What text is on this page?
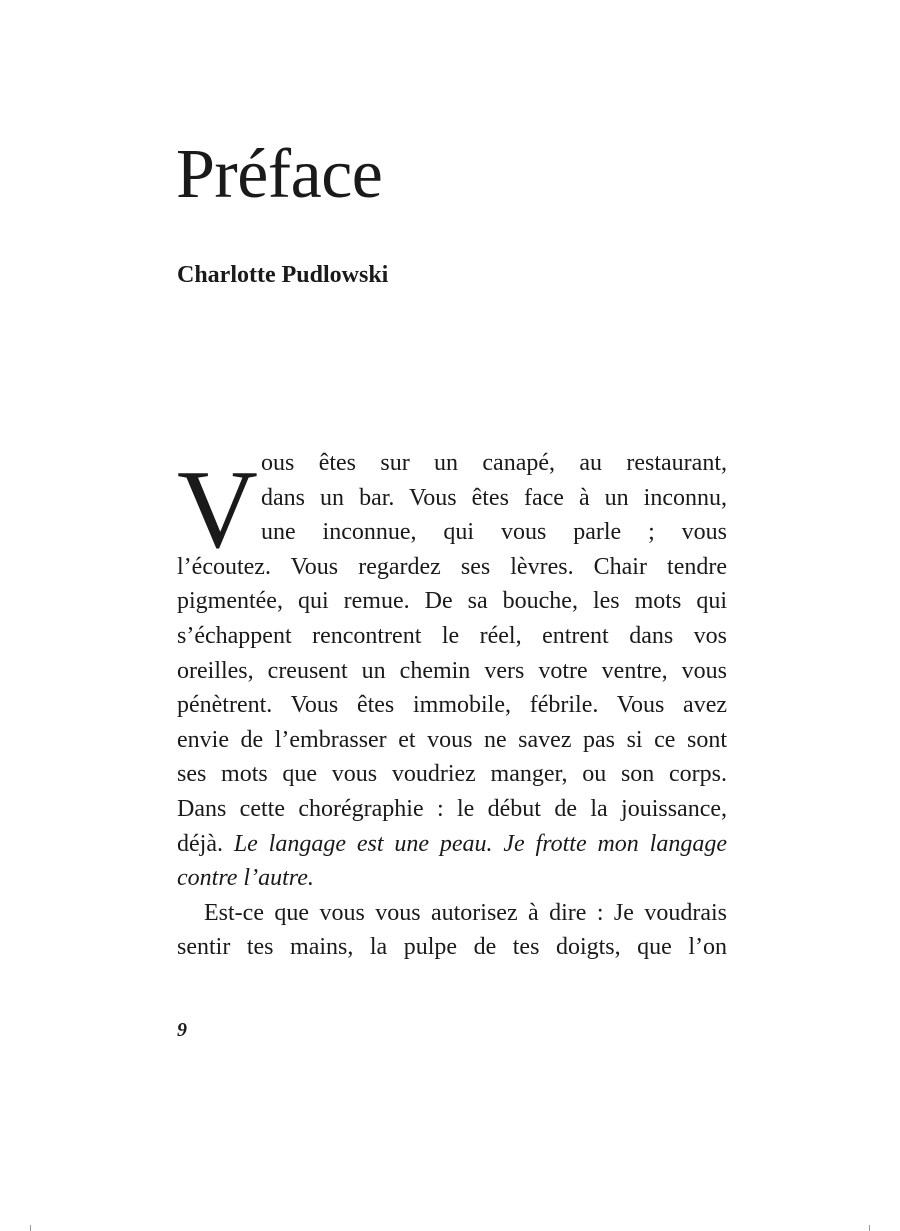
Préface
Charlotte Pudlowski
V ous êtes sur un canapé, au restaurant,
dans un bar. Vous êtes face à un inconnu,
une inconnue, qui vous parle ; vous
l’écoutez. Vous regardez ses lèvres. Chair tendre
pigmentée, qui remue. De sa bouche, les mots qui
s’échappent rencontrent le réel, entrent dans vos
oreilles, creusent un chemin vers votre ventre, vous
pénètrent. Vous êtes immobile, fébrile. Vous avez
envie de l’embrasser et vous ne savez pas si ce sont
ses mots que vous voudriez manger, ou son corps.
Dans cette chorégraphie : le début de la jouissance,
déjà. Le langage est une peau. Je frotte mon langage
contre l’autre.
Est-ce que vous vous autorisez à dire : Je voudrais
sentir tes mains, la pulpe de tes doigts, que l’on

9
